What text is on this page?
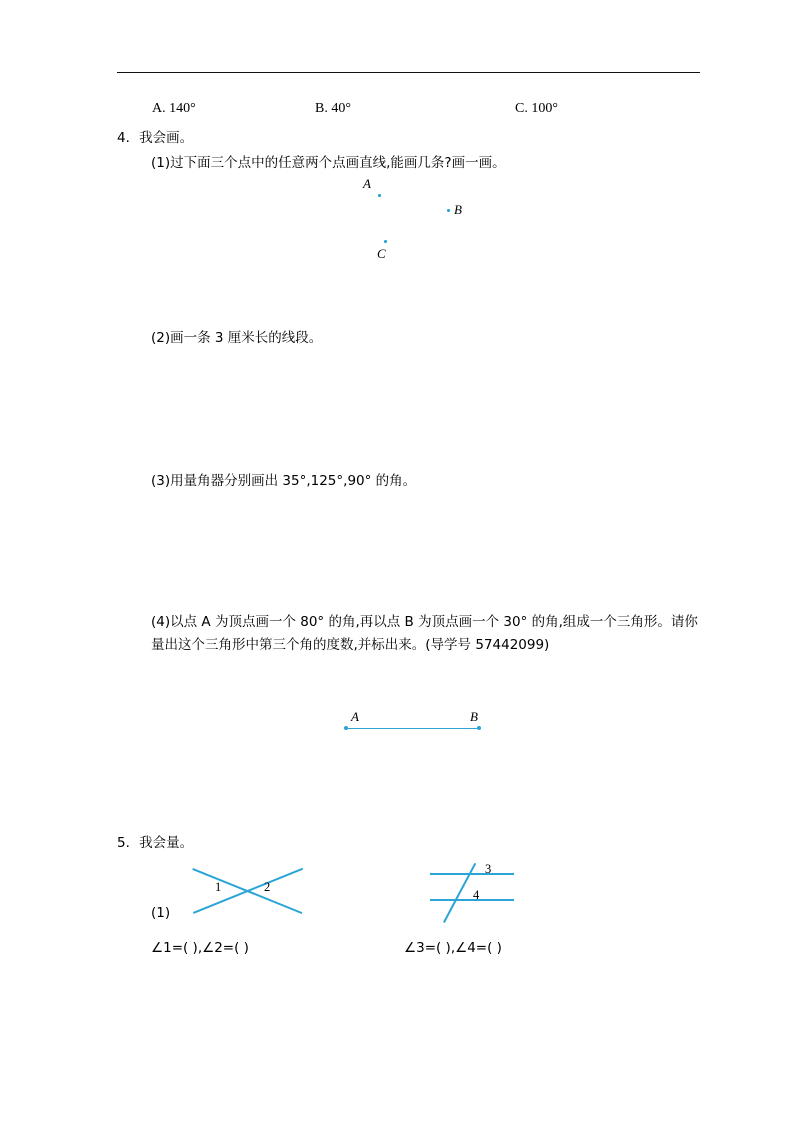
A. 140°	B. 40°	C. 100°
4．我会画。
(1)过下面三个点中的任意两个点画直线,能画几条?画一画。
A
B
C
(2)画一条 3 厘米长的线段。
(3)用量角器分别画出 35°,125°,90° 的角。
(4)以点 A 为顶点画一个 80° 的角,再以点 B 为顶点画一个 30° 的角,组成一个三角形。请你量出这个三角形中第三个角的度数,并标出来。(导学号 57442099)
A	B
5．我会量。
1	2
3
4
(1)
∠1=( ),∠2=( )	∠3=( ),∠4=( )
